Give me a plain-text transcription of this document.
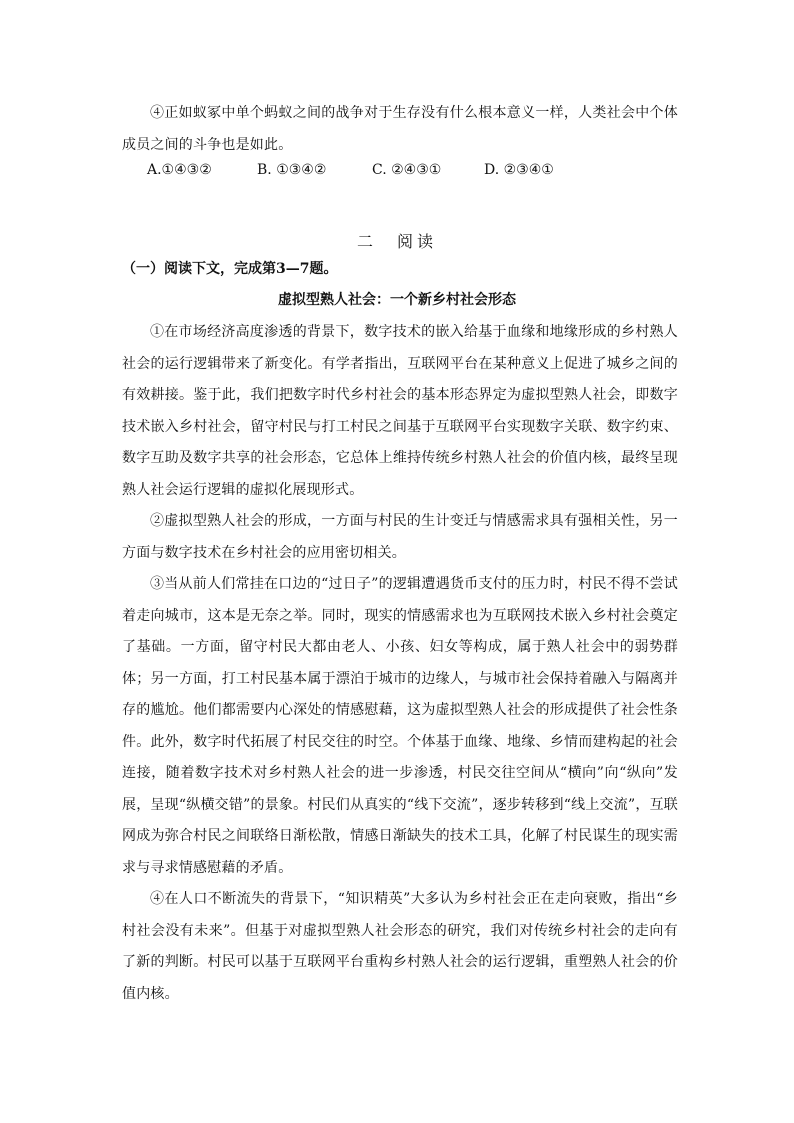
④正如蚁冢中单个蚂蚁之间的战争对于生存没有什么根本意义一样，人类社会中个体成员之间的斗争也是如此。

A.①④③②	B. ①③④②	C. ②④③①	D. ②③④①
二　阅读
（一）阅读下文，完成第3—7题。
虚拟型熟人社会：一个新乡村社会形态

①在市场经济高度渗透的背景下，数字技术的嵌入给基于血缘和地缘形成的乡村熟人社会的运行逻辑带来了新变化。有学者指出，互联网平台在某种意义上促进了城乡之间的 有效耕接。鉴于此，我们把数字时代乡村社会的基本形态界定为虚拟型熟人社会，即数字 技术嵌入乡村社会，留守村民与打工村民之间基于互联网平台实现数字关联、数字约束、数字互助及数字共享的社会形态，它总体上维持传统乡村熟人社会的价值内核，最终呈现熟人社会运行逻辑的虚拟化展现形式。

②虚拟型熟人社会的形成，一方面与村民的生计变迁与情感需求具有强相关性，另一方面与数字技术在乡村社会的应用密切相关。

③当从前人们常挂在口边的“过日子”的逻辑遭遇货币支付的压力时，村民不得不尝试着走向城市，这本是无奈之举。同时，现实的情感需求也为互联网技术嵌入乡村社会奠定了基础。一方面，留守村民大都由老人、小孩、妇女等构成，属于熟人社会中的弱势群体；另一方面，打工村民基本属于漂泊于城市的边缘人，与城市社会保持着融入与隔离并存的尴尬。他们都需要内心深处的情感慰藉，这为虚拟型熟人社会的形成提供了社会性条件。此外，数字时代拓展了村民交往的时空。个体基于血缘、地缘、乡情而建构起的社会连接，随着数字技术对乡村熟人社会的进一步渗透，村民交往空间从“横向”向“纵向”发展，呈现“纵横交错”的景象。村民们从真实的“线下交流”，逐步转移到“线上交流”，互联网成为弥合村民之间联络日渐松散，情感日渐缺失的技术工具，化解了村民谋生的现实需求与寻求情感慰藉的矛盾。

④在人口不断流失的背景下，“知识精英”大多认为乡村社会正在走向衰败，指出“乡村社会没有未来”。但基于对虚拟型熟人社会形态的研究，我们对传统乡村社会的走向有了新的判断。村民可以基于互联网平台重构乡村熟人社会的运行逻辑，重塑熟人社会的价值内核。
